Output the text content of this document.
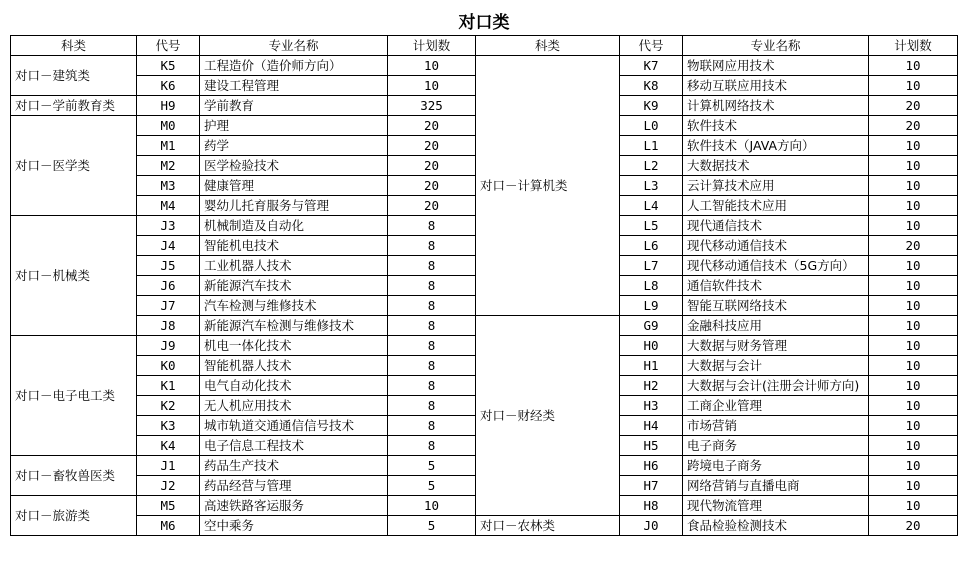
对口类							
科类	代号	专业名称	计划数	科类	代号	专业名称	计划数
对口－建筑类	K5	工程造价（造价师方向）	10	对口－计算机类	K7	物联网应用技术	10
	K6	建设工程管理	10		K8	移动互联应用技术	10
对口－学前教育类	H9	学前教育	325		K9	计算机网络技术	20
对口－医学类	M0	护理	20		L0	软件技术	20
	M1	药学	20		L1	软件技术（JAVA方向）	10
	M2	医学检验技术	20		L2	大数据技术	10
	M3	健康管理	20		L3	云计算技术应用	10
	M4	婴幼儿托育服务与管理	20		L4	人工智能技术应用	10
对口－机械类	J3	机械制造及自动化	8		L5	现代通信技术	10
	J4	智能机电技术	8		L6	现代移动通信技术	20
	J5	工业机器人技术	8		L7	现代移动通信技术（5G方向）	10
	J6	新能源汽车技术	8		L8	通信软件技术	10
	J7	汽车检测与维修技术	8		L9	智能互联网络技术	10
	J8	新能源汽车检测与维修技术	8	对口－财经类	G9	金融科技应用	10
对口－电子电工类	J9	机电一体化技术	8		H0	大数据与财务管理	10
	K0	智能机器人技术	8		H1	大数据与会计	10
	K1	电气自动化技术	8		H2	大数据与会计(注册会计师方向)	10
	K2	无人机应用技术	8		H3	工商企业管理	10
	K3	城市轨道交通通信信号技术	8		H4	市场营销	10
	K4	电子信息工程技术	8		H5	电子商务	10
对口－畜牧兽医类	J1	药品生产技术	5		H6	跨境电子商务	10
	J2	药品经营与管理	5		H7	网络营销与直播电商	10
对口－旅游类	M5	高速铁路客运服务	10		H8	现代物流管理	10
	M6	空中乘务	5	对口－农林类	J0	食品检验检测技术	20
